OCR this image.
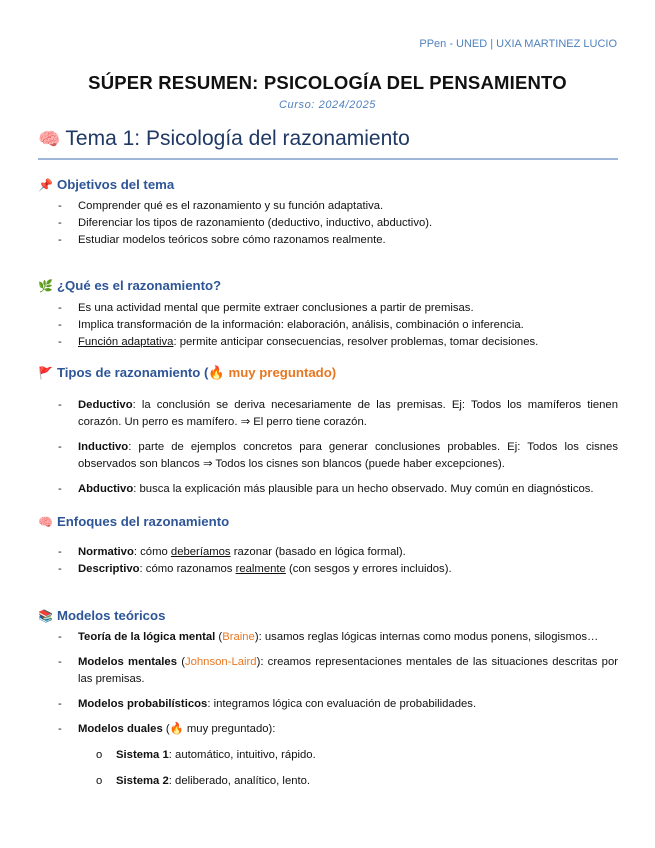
PPen - UNED | UXIA MARTINEZ LUCIO
SÚPER RESUMEN: PSICOLOGÍA DEL PENSAMIENTO
Curso: 2024/2025
🧠 Tema 1: Psicología del razonamiento
📌 Objetivos del tema
- Comprender qué es el razonamiento y su función adaptativa.
- Diferenciar los tipos de razonamiento (deductivo, inductivo, abductivo).
- Estudiar modelos teóricos sobre cómo razonamos realmente.
🌿 ¿Qué es el razonamiento?
- Es una actividad mental que permite extraer conclusiones a partir de premisas.
- Implica transformación de la información: elaboración, análisis, combinación o inferencia.
- Función adaptativa: permite anticipar consecuencias, resolver problemas, tomar decisiones.
🚩 Tipos de razonamiento (🔥 muy preguntado)
- Deductivo: la conclusión se deriva necesariamente de las premisas. Ej: Todos los mamíferos tienen corazón. Un perro es mamífero. ⇒ El perro tiene corazón.
- Inductivo: parte de ejemplos concretos para generar conclusiones probables. Ej: Todos los cisnes observados son blancos ⇒ Todos los cisnes son blancos (puede haber excepciones).
- Abductivo: busca la explicación más plausible para un hecho observado. Muy común en diagnósticos.
🧠 Enfoques del razonamiento
- Normativo: cómo deberíamos razonar (basado en lógica formal).
- Descriptivo: cómo razonamos realmente (con sesgos y errores incluidos).
📚 Modelos teóricos
- Teoría de la lógica mental (Braine): usamos reglas lógicas internas como modus ponens, silogismos…
- Modelos mentales (Johnson-Laird): creamos representaciones mentales de las situaciones descritas por las premisas.
- Modelos probabilísticos: integramos lógica con evaluación de probabilidades.
- Modelos duales (🔥 muy preguntado):
o Sistema 1: automático, intuitivo, rápido.
o Sistema 2: deliberado, analítico, lento.
